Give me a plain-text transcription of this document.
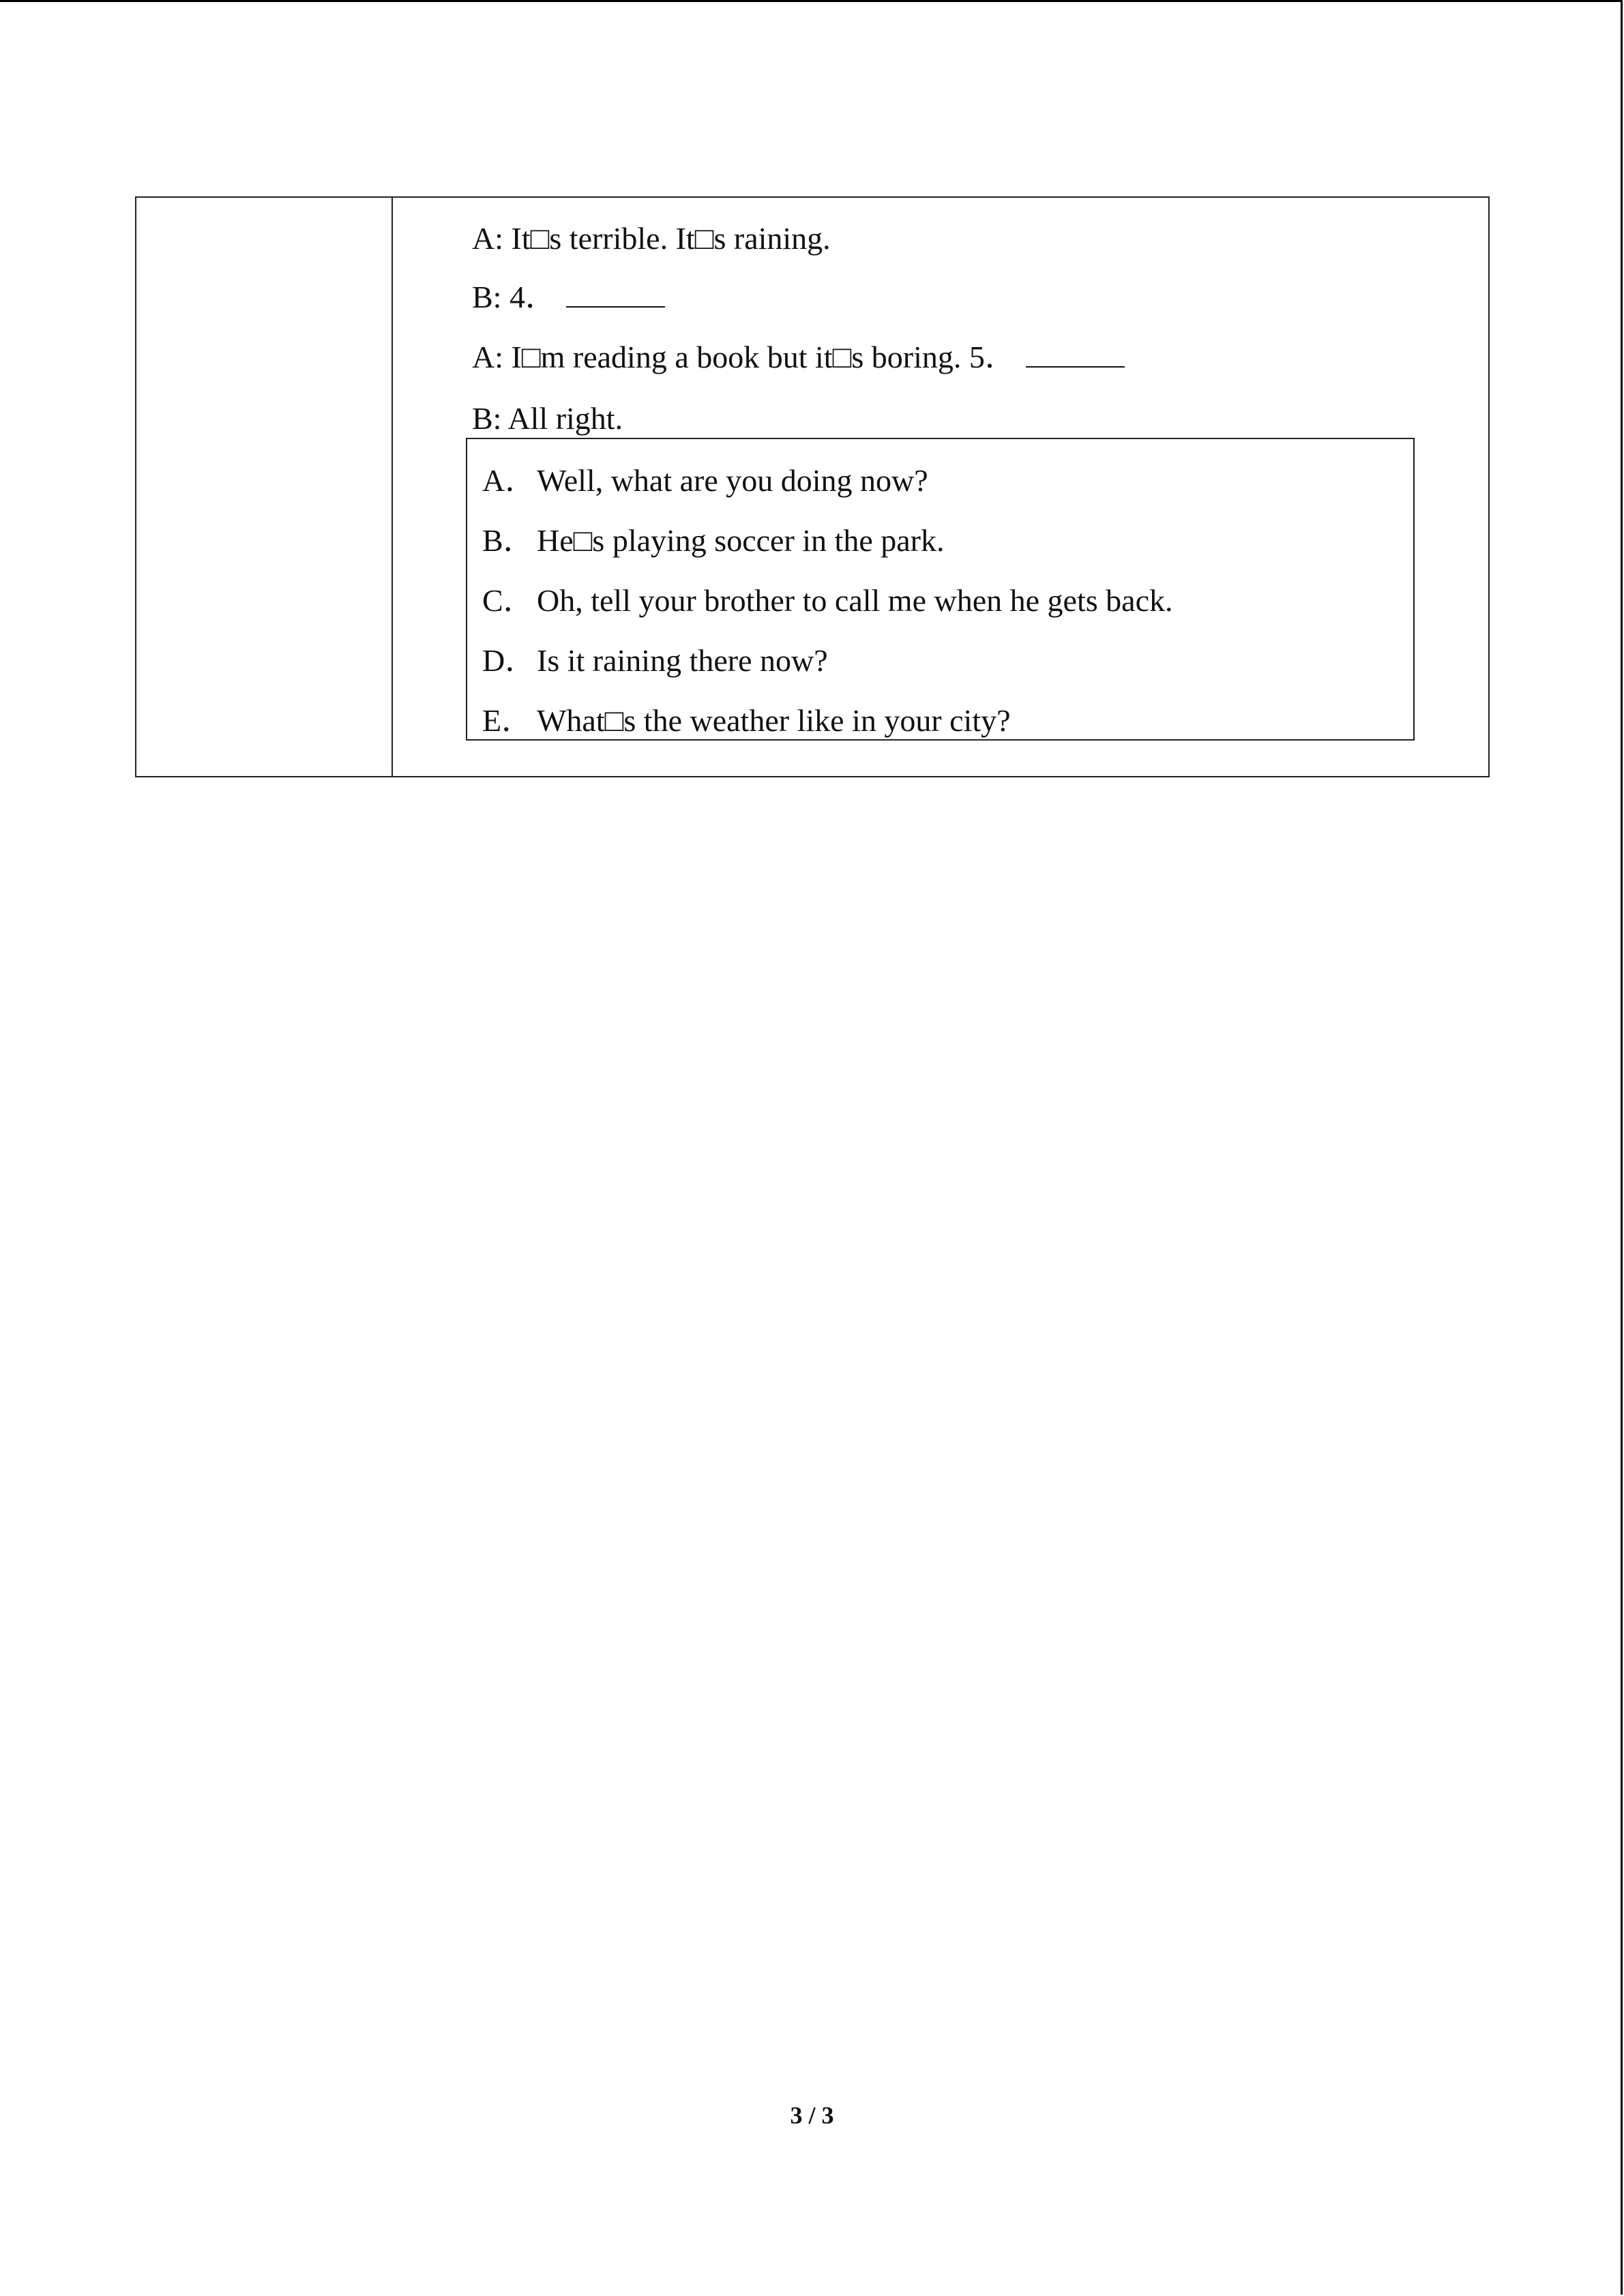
A: It□s terrible. It□s raining.
B: 4．
A: I□m reading a book but it□s boring. 5．
B: All right.
A．Well, what are you doing now?
B．He□s playing soccer in the park.
C．Oh, tell your brother to call me when he gets back.
D．Is it raining there now?
E． What□s the weather like in your city?
3 / 3
